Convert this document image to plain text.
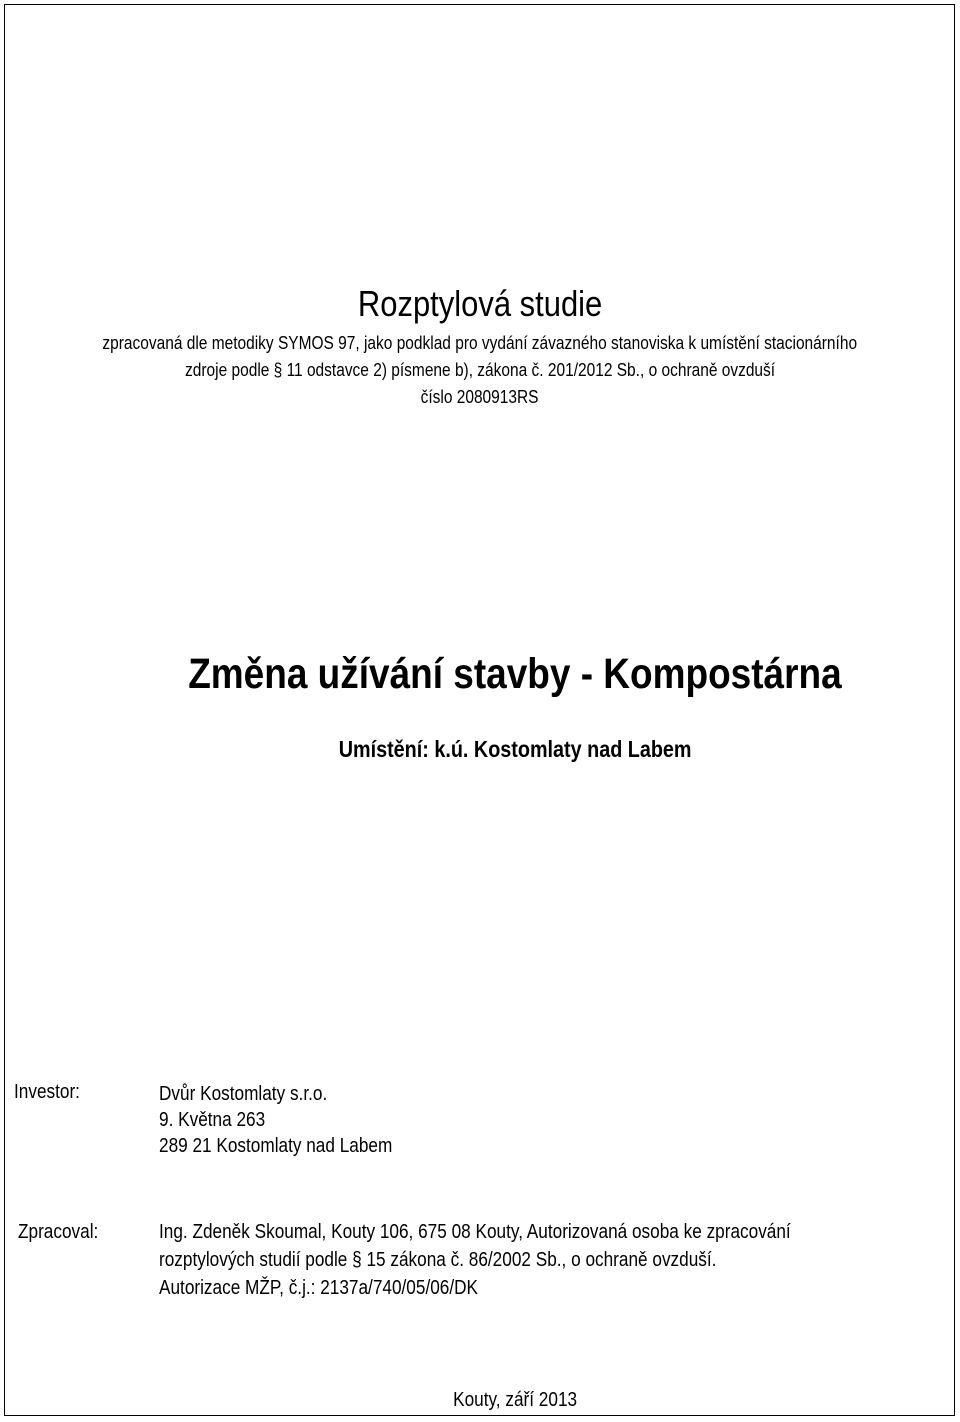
Rozptylová studie
zpracovaná dle metodiky SYMOS 97, jako podklad pro vydání závazného stanoviska k umístění stacionárního
zdroje podle § 11 odstavce 2) písmene b), zákona č. 201/2012 Sb., o ochraně ovzduší
číslo 2080913RS
Změna užívání stavby - Kompostárna
Umístění: k.ú. Kostomlaty nad Labem
Investor:	Dvůr Kostomlaty s.r.o.
9. Května 263
289 21 Kostomlaty nad Labem
Zpracoval:	Ing. Zdeněk Skoumal, Kouty 106, 675 08 Kouty, Autorizovaná osoba ke zpracování
rozptylových studií podle § 15 zákona č. 86/2002 Sb., o ochraně ovzduší.
Autorizace MŽP, č.j.: 2137a/740/05/06/DK
Kouty, září 2013
